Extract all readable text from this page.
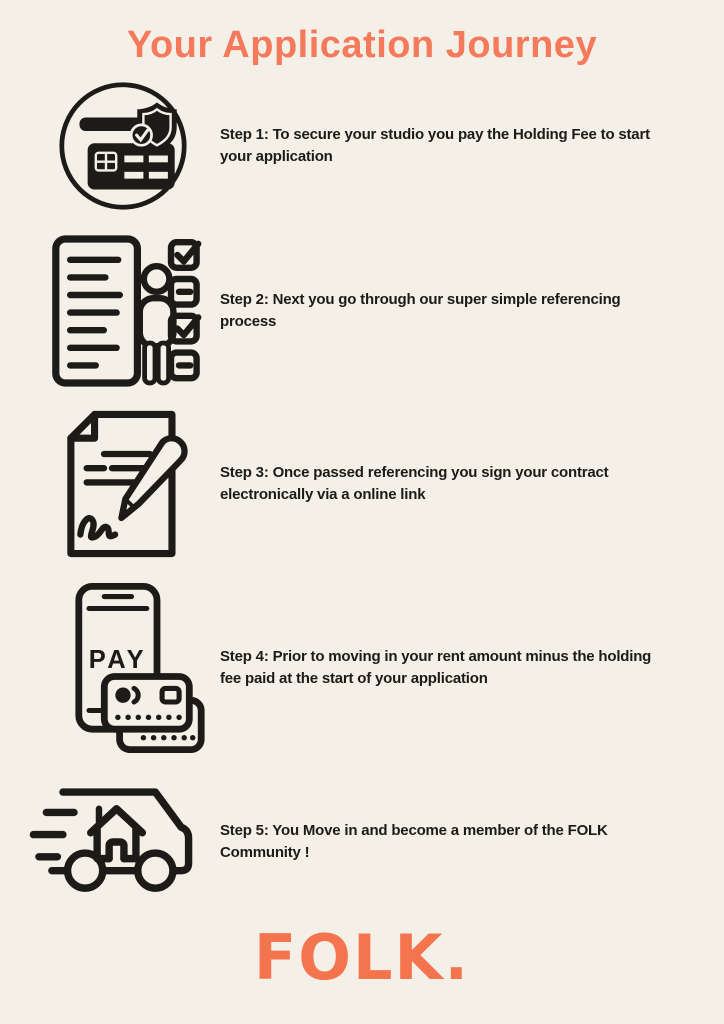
Your Application Journey
Step 1: To secure your studio you pay the Holding Fee to start
your application
Step 2: Next you go through our super simple referencing
process
Step 3: Once passed referencing you sign your contract
electronically via a online link
PAY	Step 4: Prior to moving in your rent amount minus the holding
fee paid at the start of your application
Step 5: You Move in and become a member of the FOLK
Community !
FOLK.
